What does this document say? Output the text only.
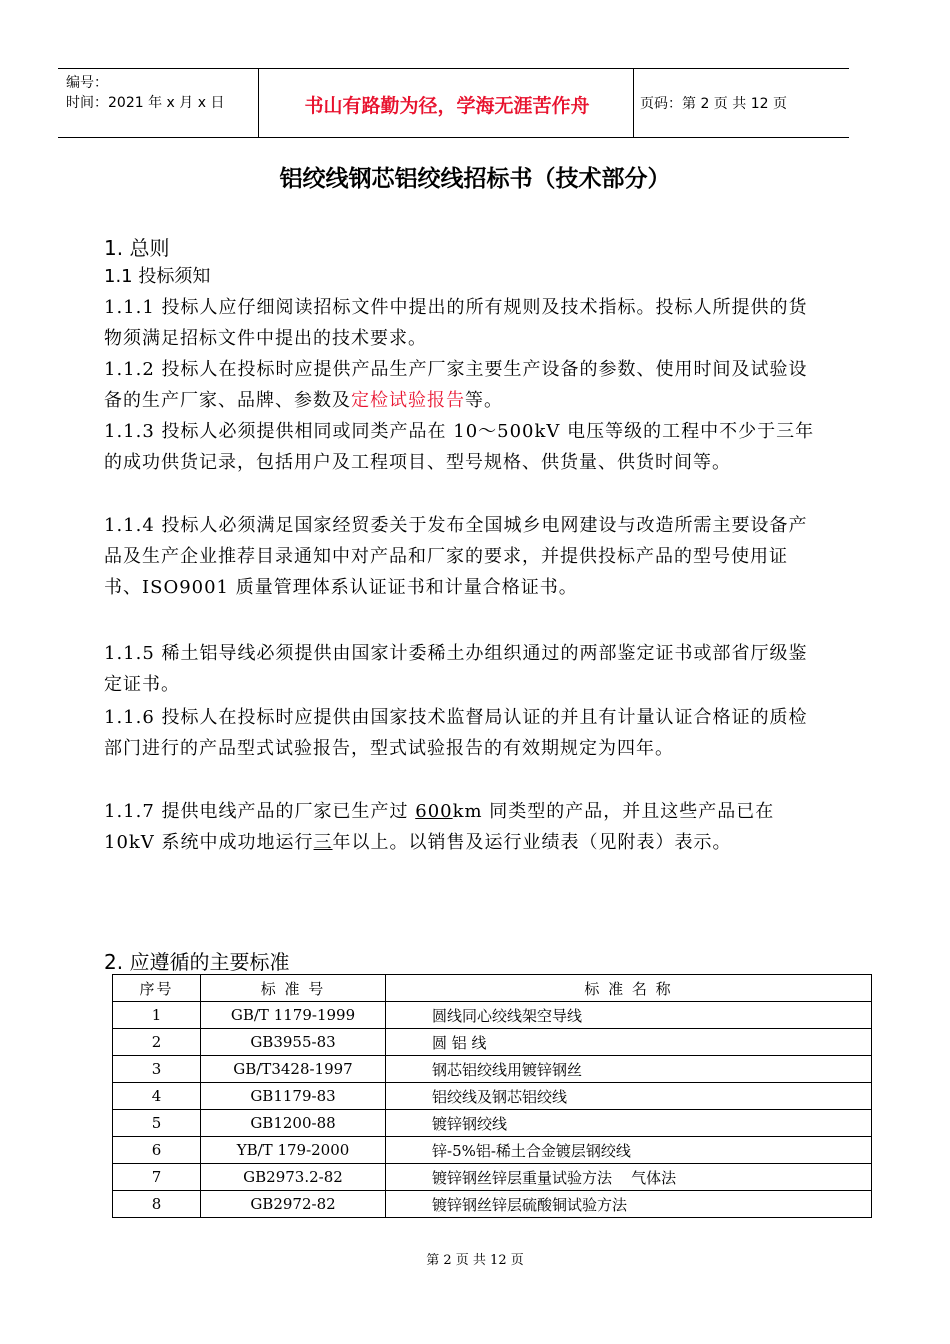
编号：
时间：2021 年 x 月 x 日	书山有路勤为径，学海无涯苦作舟	页码：第 2 页 共 12 页
铝绞线钢芯铝绞线招标书（技术部分）
1. 总则
1.1 投标须知
1.1.1 投标人应仔细阅读招标文件中提出的所有规则及技术指标。投标人所提供的货物须满足招标文件中提出的技术要求。
1.1.2 投标人在投标时应提供产品生产厂家主要生产设备的参数、使用时间及试验设备的生产厂家、品牌、参数及定检试验报告等。
1.1.3 投标人必须提供相同或同类产品在 10～500kV 电压等级的工程中不少于三年的成功供货记录，包括用户及工程项目、型号规格、供货量、供货时间等。
1.1.4 投标人必须满足国家经贸委关于发布全国城乡电网建设与改造所需主要设备产品及生产企业推荐目录通知中对产品和厂家的要求，并提供投标产品的型号使用证书、ISO9001 质量管理体系认证证书和计量合格证书。
1.1.5 稀土铝导线必须提供由国家计委稀土办组织通过的两部鉴定证书或部省厅级鉴定证书。
1.1.6 投标人在投标时应提供由国家技术监督局认证的并且有计量认证合格证的质检部门进行的产品型式试验报告，型式试验报告的有效期规定为四年。
1.1.7 提供电线产品的厂家已生产过 600km 同类型的产品，并且这些产品已在 10kV 系统中成功地运行三年以上。以销售及运行业绩表（见附表）表示。
2. 应遵循的主要标准
序号	标 准 号	标 准 名 称
1	GB/T 1179-1999	圆线同心绞线架空导线
2	GB3955-83	圆 铝 线
3	GB/T3428-1997	钢芯铝绞线用镀锌钢丝
4	GB1179-83	铝绞线及钢芯铝绞线
5	GB1200-88	镀锌钢绞线
6	YB/T 179-2000	锌-5%铝-稀土合金镀层钢绞线
7	GB2973.2-82	镀锌钢丝锌层重量试验方法    气体法
8	GB2972-82	镀锌钢丝锌层硫酸铜试验方法
第 2 页 共 12 页
